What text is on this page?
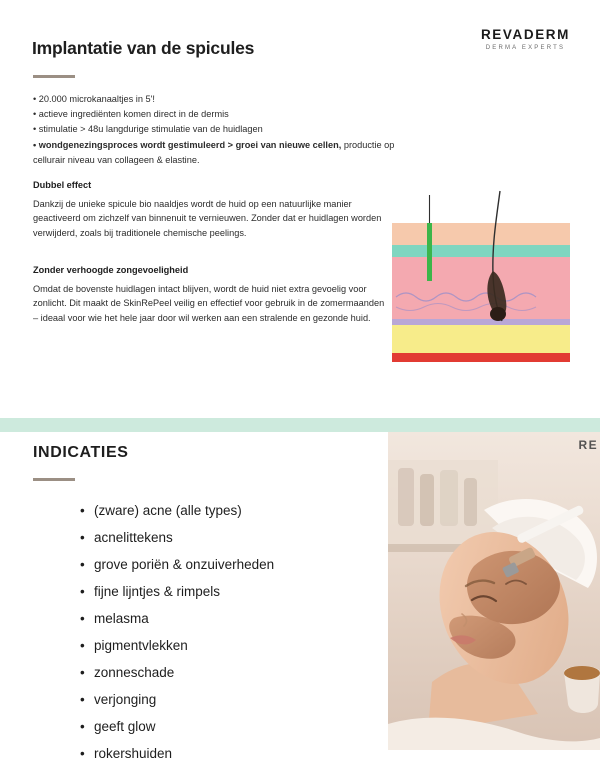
REVADERM
DERMA EXPERTS
Implantatie van de spicules
• 20.000 microkanaaltjes in 5'!
• actieve ingrediënten komen direct in de dermis
• stimulatie > 48u langdurige stimulatie van de huidlagen
• wondgenezingsproces wordt gestimuleerd > groei van nieuwe cellen, productie op cellurair niveau van collageen & elastine.
Dubbel effect

Dankzij de unieke spicule bio naaldjes wordt de huid op een natuurlijke manier geactiveerd om zichzelf van binnenuit te vernieuwen. Zonder dat er huidlagen worden verwijderd, zoals bij traditionele chemische peelings.

Zonder verhoogde zongevoeligheid

Omdat de bovenste huidlagen intact blijven, wordt de huid niet extra gevoelig voor zonlicht. Dit maakt de SkinRePeel veilig en effectief voor gebruik in de zomermaanden – ideaal voor wie het hele jaar door wil werken aan een stralende en gezonde huid.

INDICATIES
• (zware) acne (alle types)
• acnelittekens
• grove poriën & onzuiverheden
• fijne lijntjes & rimpels
• melasma
• pigmentvlekken
• zonneschade
• verjonging
• geeft glow
• rokershuiden
RE
